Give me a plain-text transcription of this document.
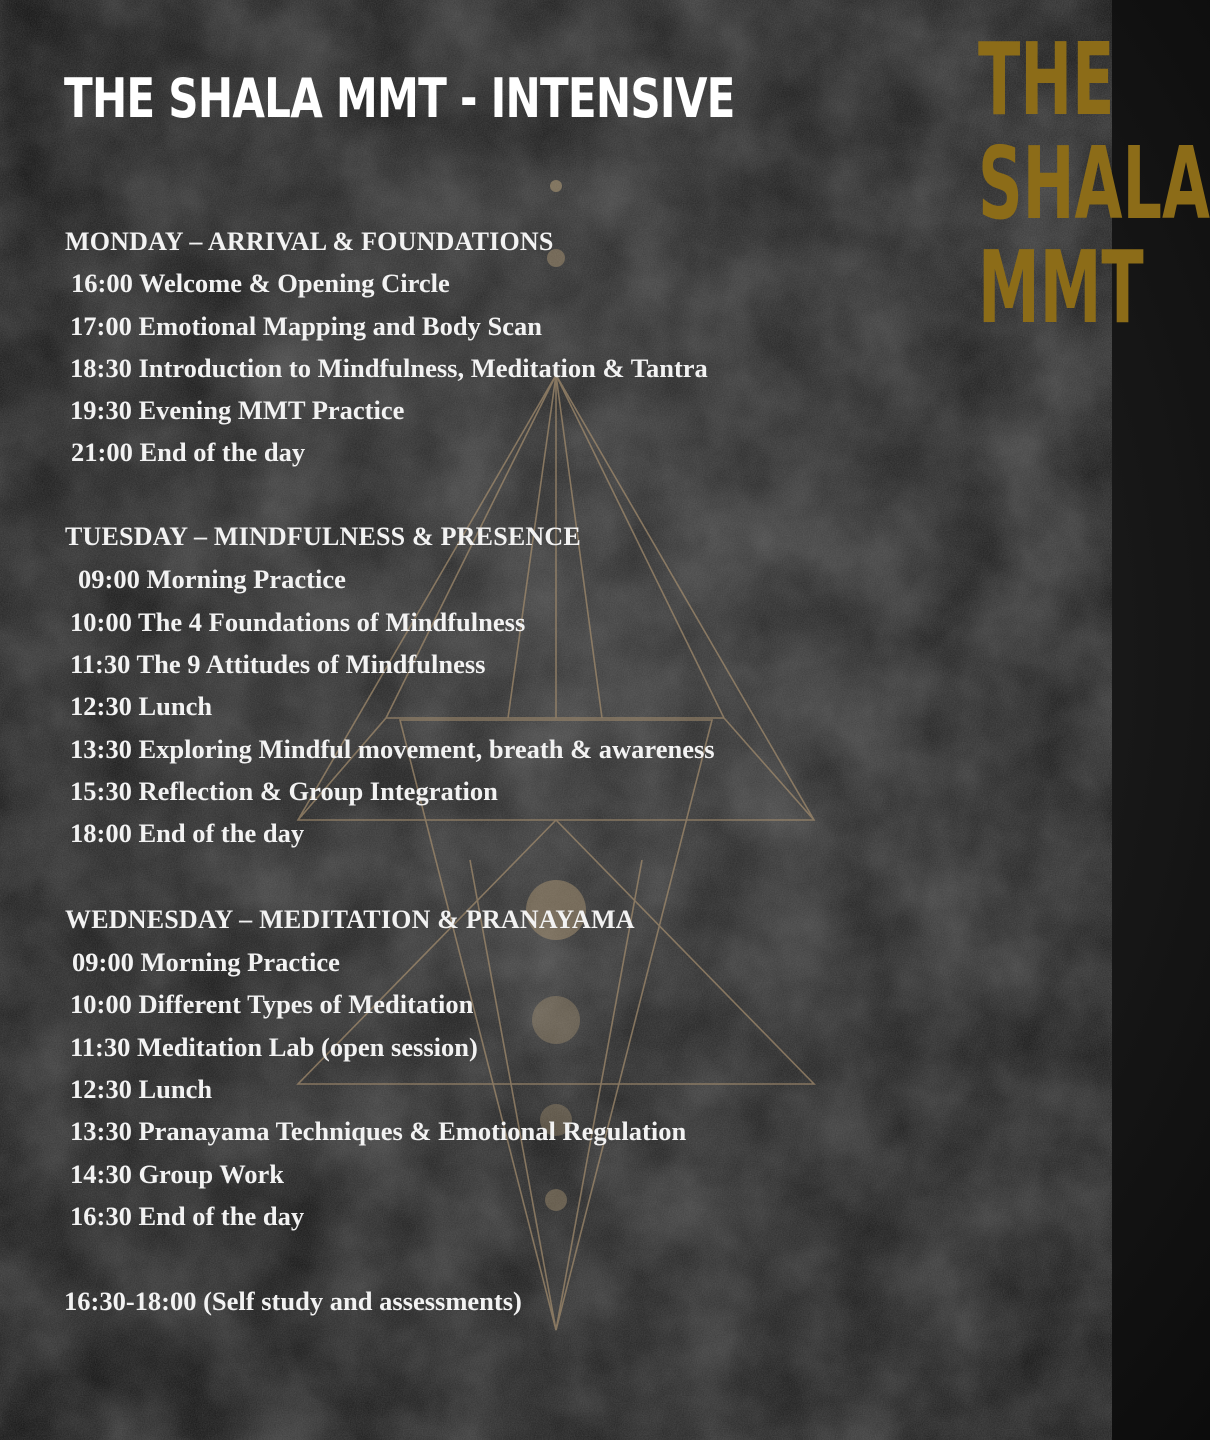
THE SHALA MMT - INTENSIVE THE
SHALA
MMT
MONDAY – ARRIVAL & FOUNDATIONS
16:00 Welcome & Opening Circle
17:00 Emotional Mapping and Body Scan
18:30 Introduction to Mindfulness, Meditation & Tantra
19:30 Evening MMT Practice
21:00 End of the day
TUESDAY – MINDFULNESS & PRESENCE
09:00 Morning Practice
10:00 The 4 Foundations of Mindfulness
11:30 The 9 Attitudes of Mindfulness
12:30 Lunch
13:30 Exploring Mindful movement, breath & awareness
15:30 Reflection & Group Integration
18:00 End of the day
WEDNESDAY – MEDITATION & PRANAYAMA
09:00 Morning Practice
10:00 Different Types of Meditation
11:30 Meditation Lab (open session)
12:30 Lunch
13:30 Pranayama Techniques & Emotional Regulation
14:30 Group Work
16:30 End of the day
16:30-18:00 (Self study and assessments)
